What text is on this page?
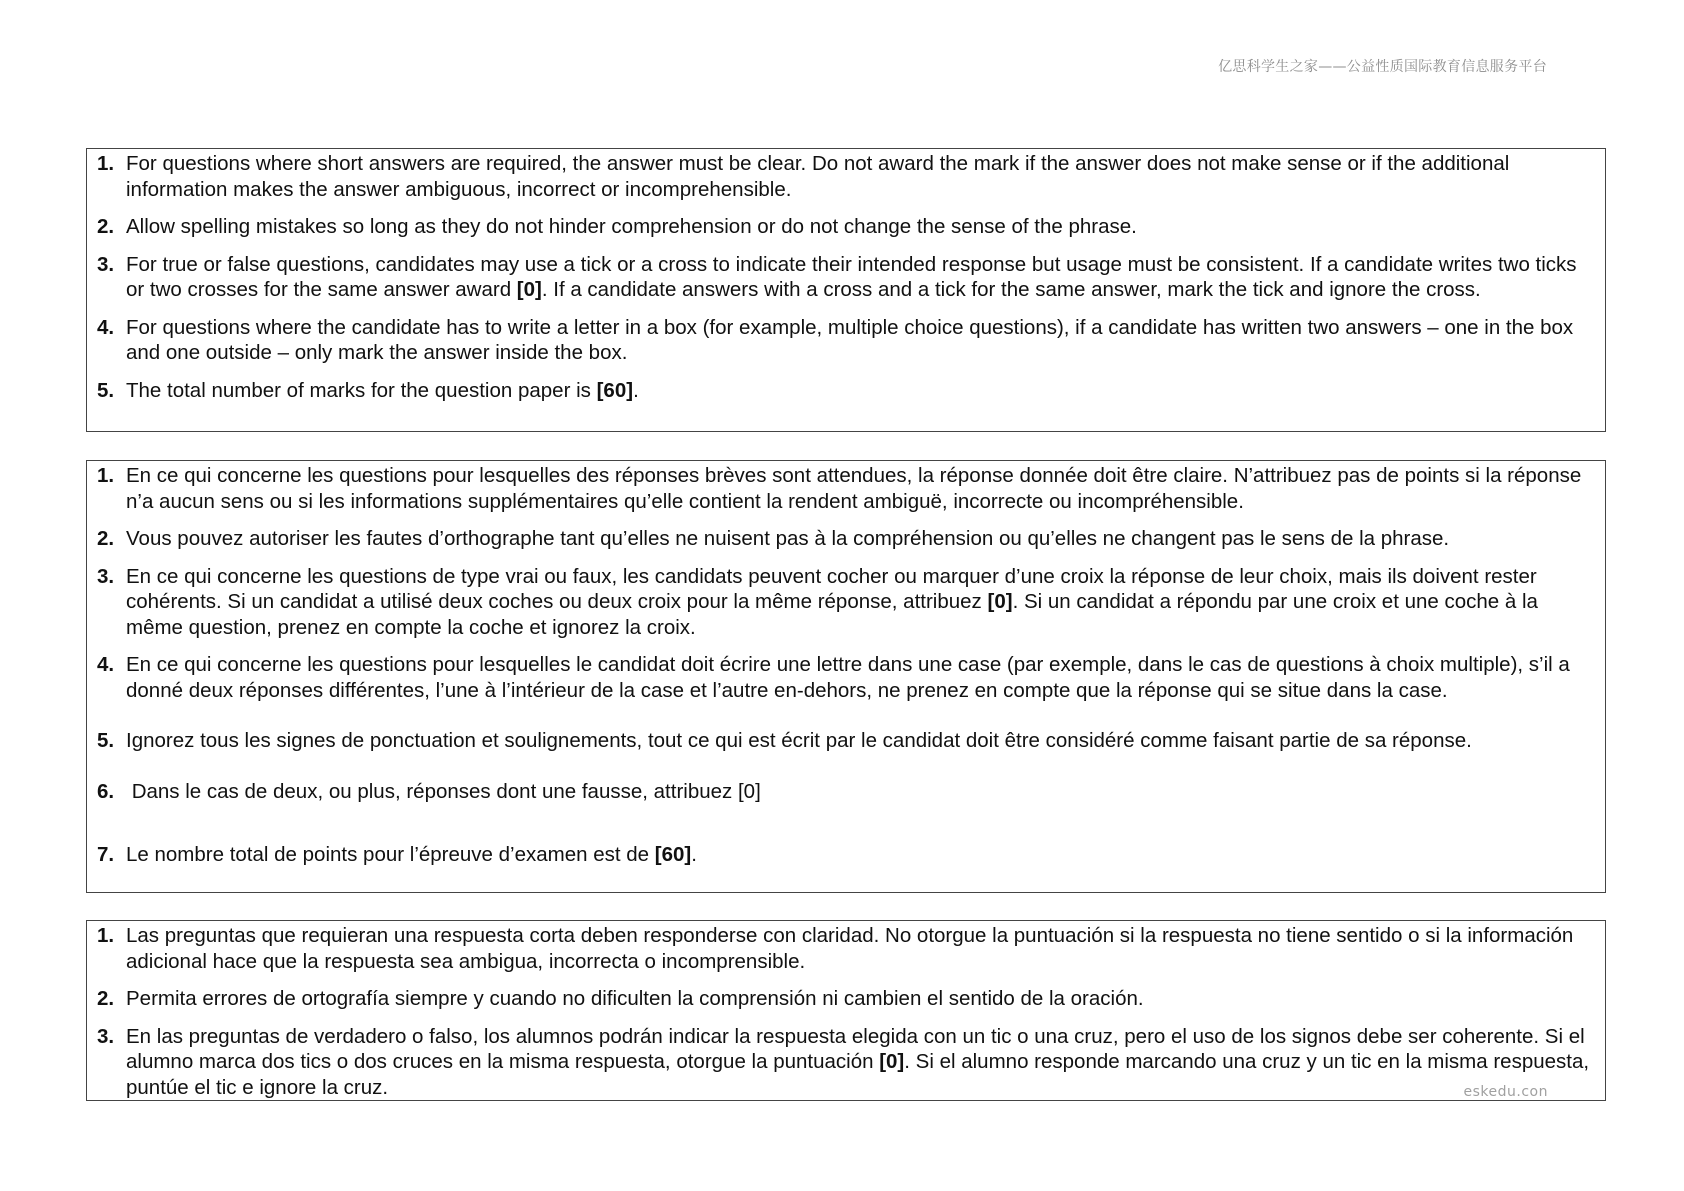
亿思科学生之家——公益性质国际教育信息服务平台
1. For questions where short answers are required, the answer must be clear. Do not award the mark if the answer does not make sense or if the additional information makes the answer ambiguous, incorrect or incomprehensible.
2. Allow spelling mistakes so long as they do not hinder comprehension or do not change the sense of the phrase.
3. For true or false questions, candidates may use a tick or a cross to indicate their intended response but usage must be consistent. If a candidate writes two ticks or two crosses for the same answer award [0]. If a candidate answers with a cross and a tick for the same answer, mark the tick and ignore the cross.
4. For questions where the candidate has to write a letter in a box (for example, multiple choice questions), if a candidate has written two answers – one in the box and one outside – only mark the answer inside the box.
5. The total number of marks for the question paper is [60].
1. En ce qui concerne les questions pour lesquelles des réponses brèves sont attendues, la réponse donnée doit être claire. N’attribuez pas de points si la réponse n’a aucun sens ou si les informations supplémentaires qu’elle contient la rendent ambiguë, incorrecte ou incompréhensible.
2. Vous pouvez autoriser les fautes d’orthographe tant qu’elles ne nuisent pas à la compréhension ou qu’elles ne changent pas le sens de la phrase.
3. En ce qui concerne les questions de type vrai ou faux, les candidats peuvent cocher ou marquer d’une croix la réponse de leur choix, mais ils doivent rester cohérents. Si un candidat a utilisé deux coches ou deux croix pour la même réponse, attribuez [0]. Si un candidat a répondu par une croix et une coche à la même question, prenez en compte la coche et ignorez la croix.
4. En ce qui concerne les questions pour lesquelles le candidat doit écrire une lettre dans une case (par exemple, dans le cas de questions à choix multiple), s’il a donné deux réponses différentes, l’une à l’intérieur de la case et l’autre en-dehors, ne prenez en compte que la réponse qui se situe dans la case.
5. Ignorez tous les signes de ponctuation et soulignements, tout ce qui est écrit par le candidat doit être considéré comme faisant partie de sa réponse.
6. Dans le cas de deux, ou plus, réponses dont une fausse, attribuez [0]
7. Le nombre total de points pour l’épreuve d’examen est de [60].
1. Las preguntas que requieran una respuesta corta deben responderse con claridad. No otorgue la puntuación si la respuesta no tiene sentido o si la información adicional hace que la respuesta sea ambigua, incorrecta o incomprensible.
2. Permita errores de ortografía siempre y cuando no dificulten la comprensión ni cambien el sentido de la oración.
3. En las preguntas de verdadero o falso, los alumnos podrán indicar la respuesta elegida con un tic o una cruz, pero el uso de los signos debe ser coherente. Si el alumno marca dos tics o dos cruces en la misma respuesta, otorgue la puntuación [0]. Si el alumno responde marcando una cruz y un tic en la misma respuesta, puntúe el tic e ignore la cruz.	eskedu.con
